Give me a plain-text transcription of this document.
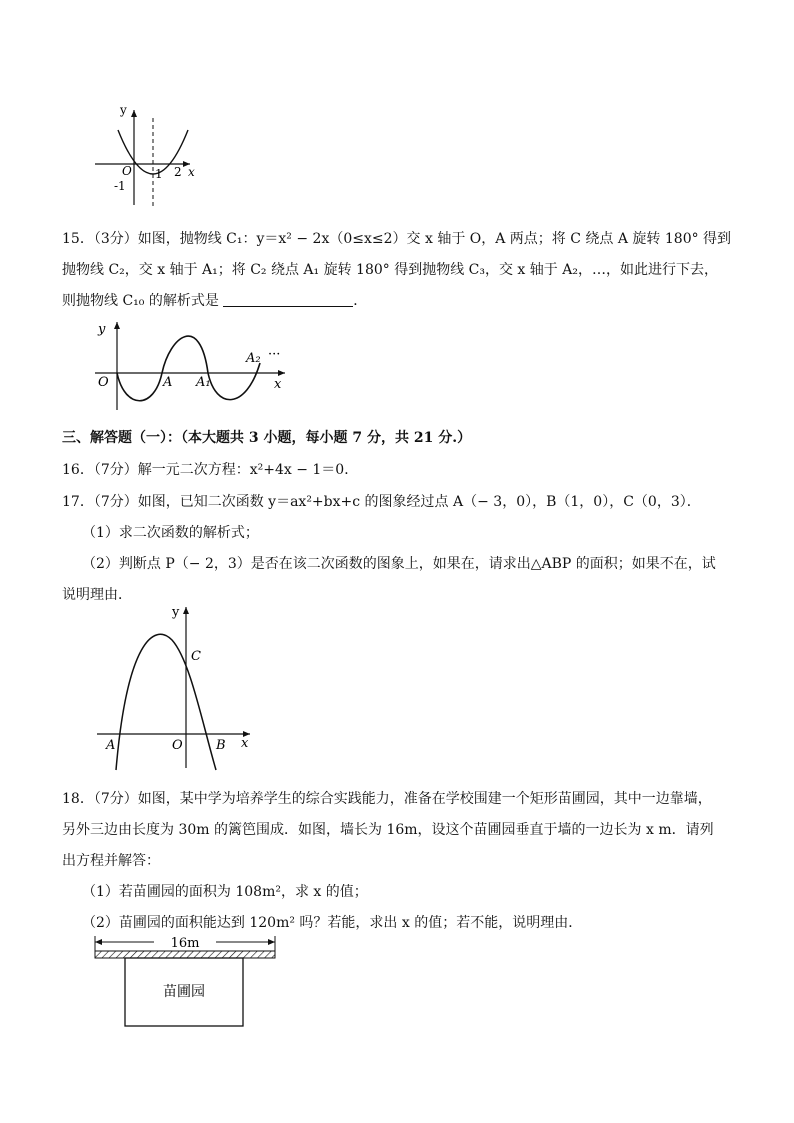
y
O
-1
1 2 x
15．（3分）如图，抛物线 C₁：y＝x² − 2x（0≤x≤2）交 x 轴于 O，A 两点；将 C 绕点 A 旋转 180° 得到
抛物线 C₂，交 x 轴于 A₁；将 C₂ 绕点 A₁ 旋转 180° 得到抛物线 C₃，交 x 轴于 A₂，…，如此进行下去，
则抛物线 C₁₀ 的解析式是	．
y
O	A A₁
A₂ ···
x
三、解答题（一）：（本大题共 3 小题，每小题 7 分，共 21 分.）
16．（7分）解一元二次方程：x²+4x − 1＝0．
17．（7分）如图，已知二次函数 y＝ax²+bx+c 的图象经过点 A（− 3，0），B（1，0），C（0，3）．
（1）求二次函数的解析式；
（2）判断点 P（− 2，3）是否在该二次函数的图象上，如果在，请求出△ABP 的面积；如果不在，试
说明理由．
y
C
A	O	B x
18．（7分）如图，某中学为培养学生的综合实践能力，准备在学校围建一个矩形苗圃园，其中一边靠墙，
另外三边由长度为 30m 的篱笆围成．如图，墙长为 16m，设这个苗圃园垂直于墙的一边长为 x m．请列
出方程并解答：
（1）若苗圃园的面积为 108m²，求 x 的值；
（2）苗圃园的面积能达到 120m² 吗？若能，求出 x 的值；若不能，说明理由．
16m
苗圃园
